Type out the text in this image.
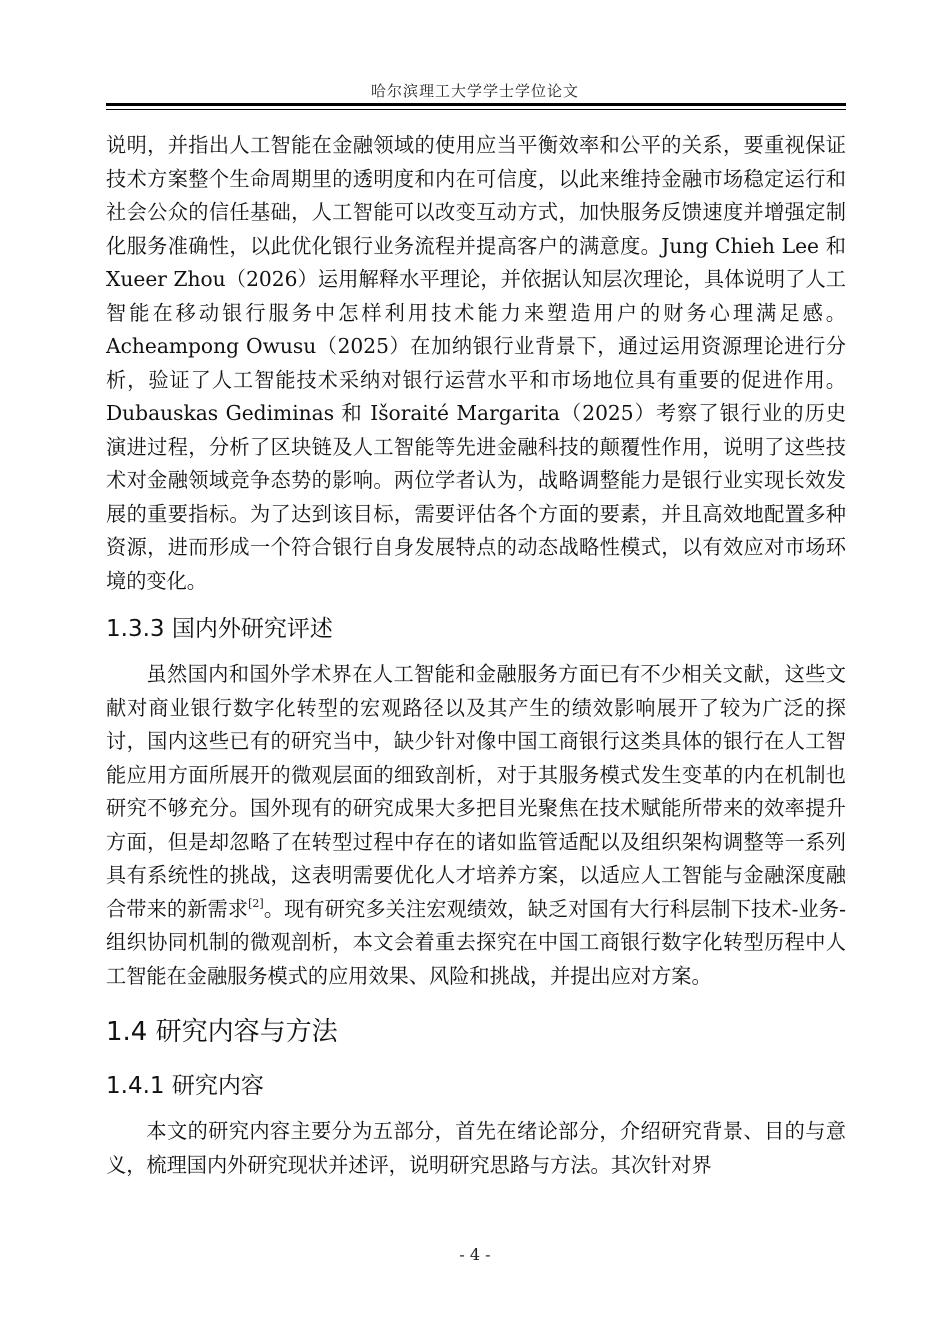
哈尔滨理工大学学士学位论文

说明，并指出人工智能在金融领域的使用应当平衡效率和公平的关系，要重视保证技术方案整个生命周期里的透明度和内在可信度，以此来维持金融市场稳定运行和社会公众的信任基础，人工智能可以改变互动方式，加快服务反馈速度并增强定制化服务准确性，以此优化银行业务流程并提高客户的满意度。Jung Chieh Lee 和 Xueer Zhou（2026）运用解释水平理论，并依据认知层次理论，具体说明了人工智能在移动银行服务中怎样利用技术能力来塑造用户的财务心理满足感。Acheampong Owusu（2025）在加纳银行业背景下，通过运用资源理论进行分析，验证了人工智能技术采纳对银行运营水平和市场地位具有重要的促进作用。Dubauskas Gediminas 和 Išoraité Margarita（2025）考察了银行业的历史演进过程，分析了区块链及人工智能等先进金融科技的颠覆性作用，说明了这些技术对金融领域竞争态势的影响。两位学者认为，战略调整能力是银行业实现长效发展的重要指标。为了达到该目标，需要评估各个方面的要素，并且高效地配置多种资源，进而形成一个符合银行自身发展特点的动态战略性模式，以有效应对市场环境的变化。

1.3.3 国内外研究评述

虽然国内和国外学术界在人工智能和金融服务方面已有不少相关文献，这些文献对商业银行数字化转型的宏观路径以及其产生的绩效影响展开了较为广泛的探讨，国内这些已有的研究当中，缺少针对像中国工商银行这类具体的银行在人工智能应用方面所展开的微观层面的细致剖析，对于其服务模式发生变革的内在机制也研究不够充分。国外现有的研究成果大多把目光聚焦在技术赋能所带来的效率提升方面，但是却忽略了在转型过程中存在的诸如监管适配以及组织架构调整等一系列具有系统性的挑战，这表明需要优化人才培养方案，以适应人工智能与金融深度融合带来的新需求[2]。现有研究多关注宏观绩效，缺乏对国有大行科层制下技术-业务-组织协同机制的微观剖析，本文会着重去探究在中国工商银行数字化转型历程中人工智能在金融服务模式的应用效果、风险和挑战，并提出应对方案。

1.4 研究内容与方法
1.4.1 研究内容

本文的研究内容主要分为五部分，首先在绪论部分，介绍研究背景、目的与意义，梳理国内外研究现状并述评，说明研究思路与方法。其次针对界

- 4 -
